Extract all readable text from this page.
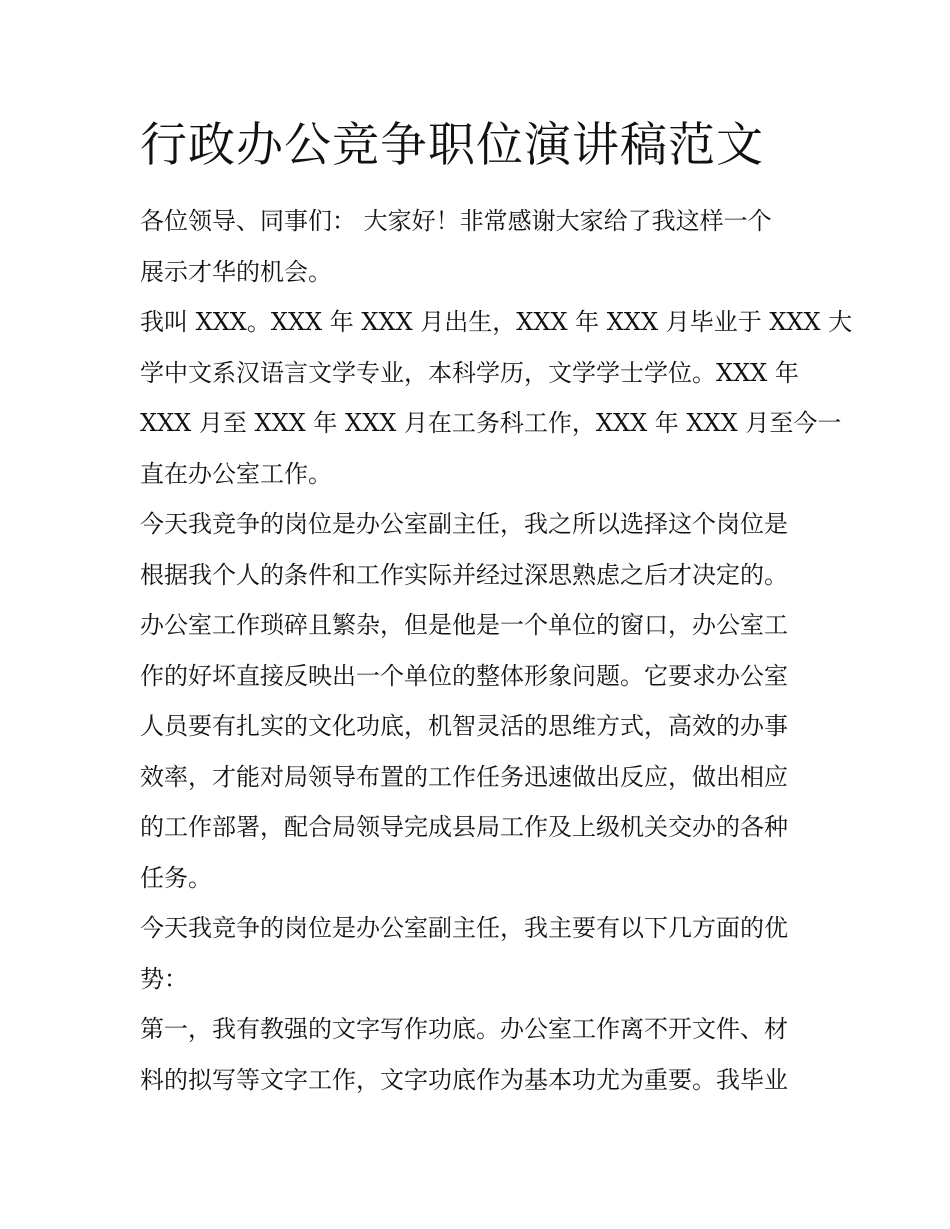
行政办公竞争职位演讲稿范文

各位领导、同事们： 大家好！非常感谢大家给了我这样一个
展示才华的机会。

我叫 XXX。XXX 年 XXX 月出生，XXX 年 XXX 月毕业于 XXX 大
学中文系汉语言文学专业，本科学历，文学学士学位。XXX 年
XXX 月至 XXX 年 XXX 月在工务科工作，XXX 年 XXX 月至今一
直在办公室工作。

今天我竞争的岗位是办公室副主任，我之所以选择这个岗位是
根据我个人的条件和工作实际并经过深思熟虑之后才决定的。
办公室工作琐碎且繁杂，但是他是一个单位的窗口，办公室工
作的好坏直接反映出一个单位的整体形象问题。它要求办公室
人员要有扎实的文化功底，机智灵活的思维方式，高效的办事
效率，才能对局领导布置的工作任务迅速做出反应，做出相应
的工作部署，配合局领导完成县局工作及上级机关交办的各种
任务。

今天我竞争的岗位是办公室副主任，我主要有以下几方面的优
势：

第一，我有教强的文字写作功底。办公室工作离不开文件、材
料的拟写等文字工作，文字功底作为基本功尤为重要。我毕业
